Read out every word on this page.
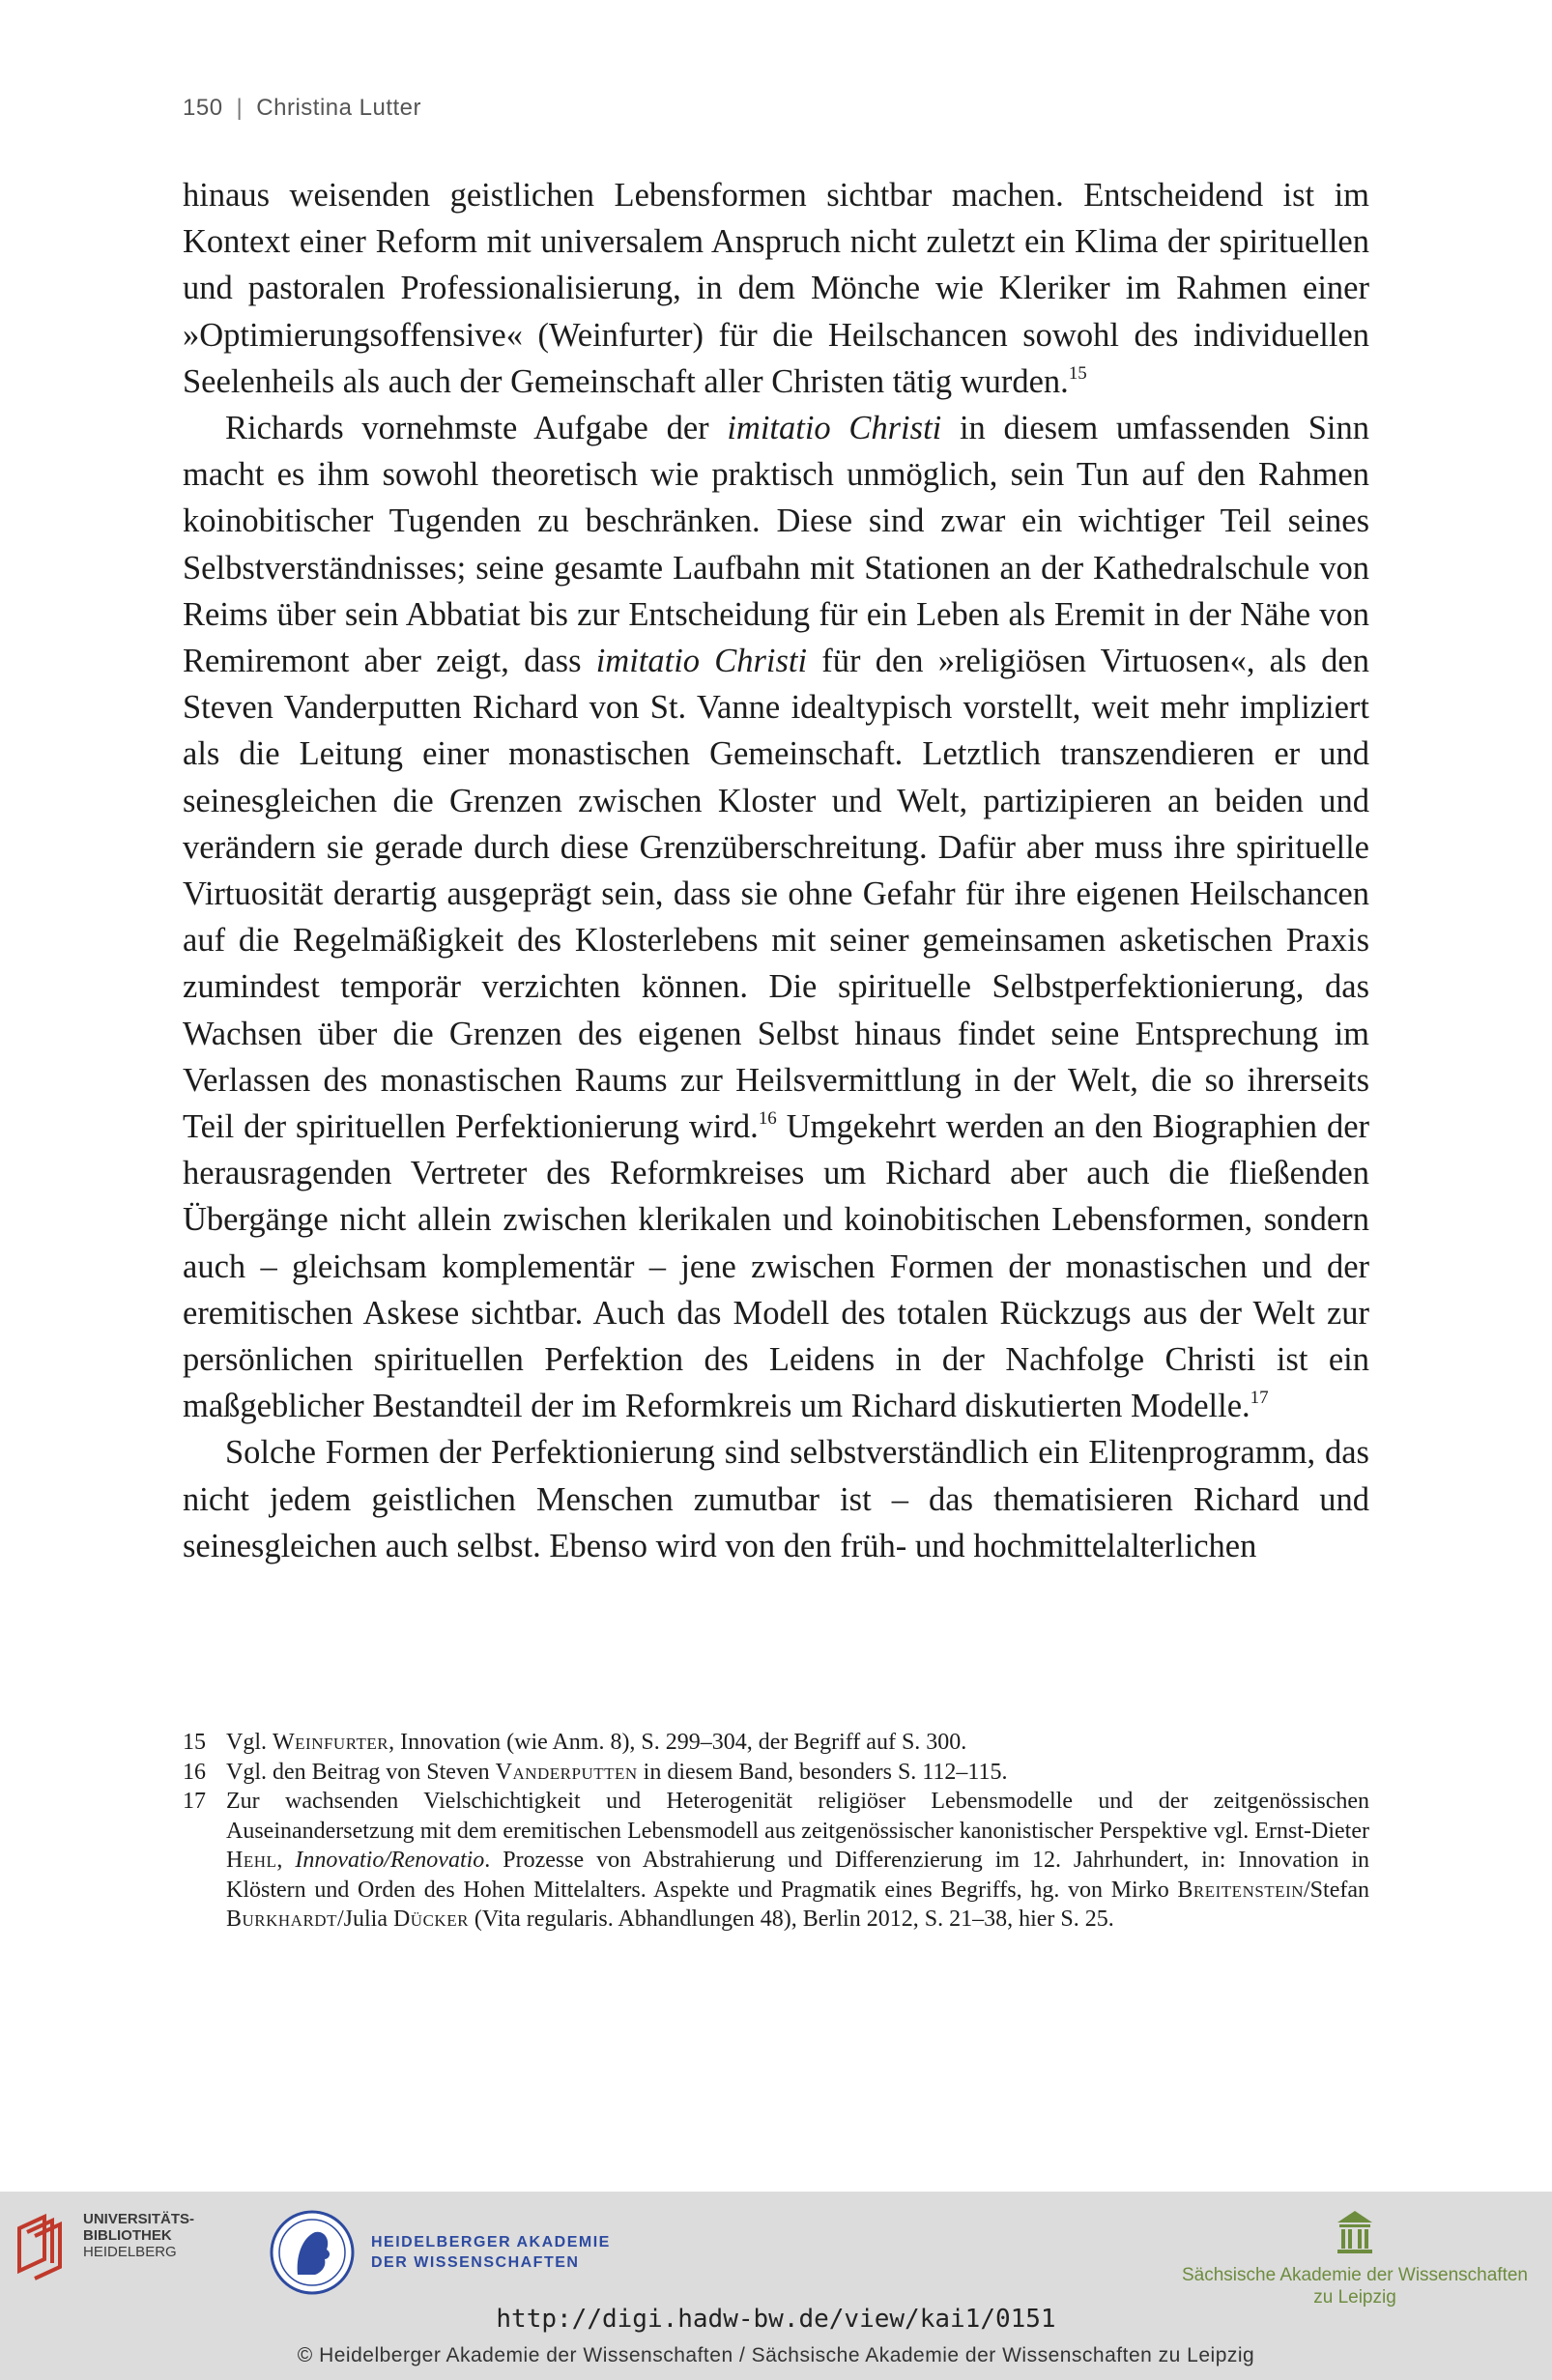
150 | Christina Lutter

hinaus weisenden geistlichen Lebensformen sichtbar machen. Entscheidend ist im Kontext einer Reform mit universalem Anspruch nicht zuletzt ein Klima der spirituellen und pastoralen Professionalisierung, in dem Mönche wie Kleriker im Rahmen einer »Optimierungsoffensive« (Weinfurter) für die Heilschancen sowohl des individuellen Seelenheils als auch der Gemeinschaft aller Christen tätig wurden.$^{15}$

Richards vornehmste Aufgabe der imitatio Christi in diesem umfassenden Sinn macht es ihm sowohl theoretisch wie praktisch unmöglich, sein Tun auf den Rahmen koinobitischer Tugenden zu beschränken. Diese sind zwar ein wichtiger Teil seines Selbstverständnisses; seine gesamte Laufbahn mit Stationen an der Kathedralschule von Reims über sein Abbatiat bis zur Entscheidung für ein Leben als Eremit in der Nähe von Remiremont aber zeigt, dass imitatio Christi für den »religiösen Virtuosen«, als den Steven Vanderputten Richard von St. Vanne idealtypisch vorstellt, weit mehr impliziert als die Leitung einer monastischen Gemeinschaft. Letztlich transzendieren er und seinesgleichen die Grenzen zwischen Kloster und Welt, partizipieren an beiden und verändern sie gerade durch diese Grenzüberschreitung. Dafür aber muss ihre spirituelle Virtuosität derartig ausgeprägt sein, dass sie ohne Gefahr für ihre eigenen Heilschancen auf die Regelmäßigkeit des Klosterlebens mit seiner gemeinsamen asketischen Praxis zumindest temporär verzichten können. Die spirituelle Selbstperfektionierung, das Wachsen über die Grenzen des eigenen Selbst hinaus findet seine Entsprechung im Verlassen des monastischen Raums zur Heilsvermittlung in der Welt, die so ihrerseits Teil der spirituellen Perfektionierung wird.$^{16}$ Umgekehrt werden an den Biographien der herausragenden Vertreter des Reformkreises um Richard aber auch die fließenden Übergänge nicht allein zwischen klerikalen und koinobitischen Lebensformen, sondern auch – gleichsam komplementär – jene zwischen Formen der monastischen und der eremitischen Askese sichtbar. Auch das Modell des totalen Rückzugs aus der Welt zur persönlichen spirituellen Perfektion des Leidens in der Nachfolge Christi ist ein maßgeblicher Bestandteil der im Reformkreis um Richard diskutierten Modelle.$^{17}$

Solche Formen der Perfektionierung sind selbstverständlich ein Elitenprogramm, das nicht jedem geistlichen Menschen zumutbar ist – das thematisieren Richard und seinesgleichen auch selbst. Ebenso wird von den früh- und hochmittelalterlichen

15 Vgl. Weinfurter, Innovation (wie Anm. 8), S. 299–304, der Begriff auf S. 300.
16 Vgl. den Beitrag von Steven Vanderputten in diesem Band, besonders S. 112–115.
17 Zur wachsenden Vielschichtigkeit und Heterogenität religiöser Lebensmodelle und der zeitgenössischen Auseinandersetzung mit dem eremitischen Lebensmodell aus zeitgenössischer kanonistischer Perspektive vgl. Ernst-Dieter Hehl, Innovatio/Renovatio. Prozesse von Abstrahierung und Differenzierung im 12. Jahrhundert, in: Innovation in Klöstern und Orden des Hohen Mittelalters. Aspekte und Pragmatik eines Begriffs, hg. von Mirko Breitenstein/Stefan Burkhardt/Julia Dücker (Vita regularis. Abhandlungen 48), Berlin 2012, S. 21–38, hier S. 25.
UNIVERSITÄTS-
BIBLIOTHEK
HEIDELBERG
HEIDELBERGER AKADEMIE
DER WISSENSCHAFTEN
Sächsische Akademie der Wissenschaften
zu Leipzig
http://digi.hadw-bw.de/view/kai1/0151
© Heidelberger Akademie der Wissenschaften / Sächsische Akademie der Wissenschaften zu Leipzig
